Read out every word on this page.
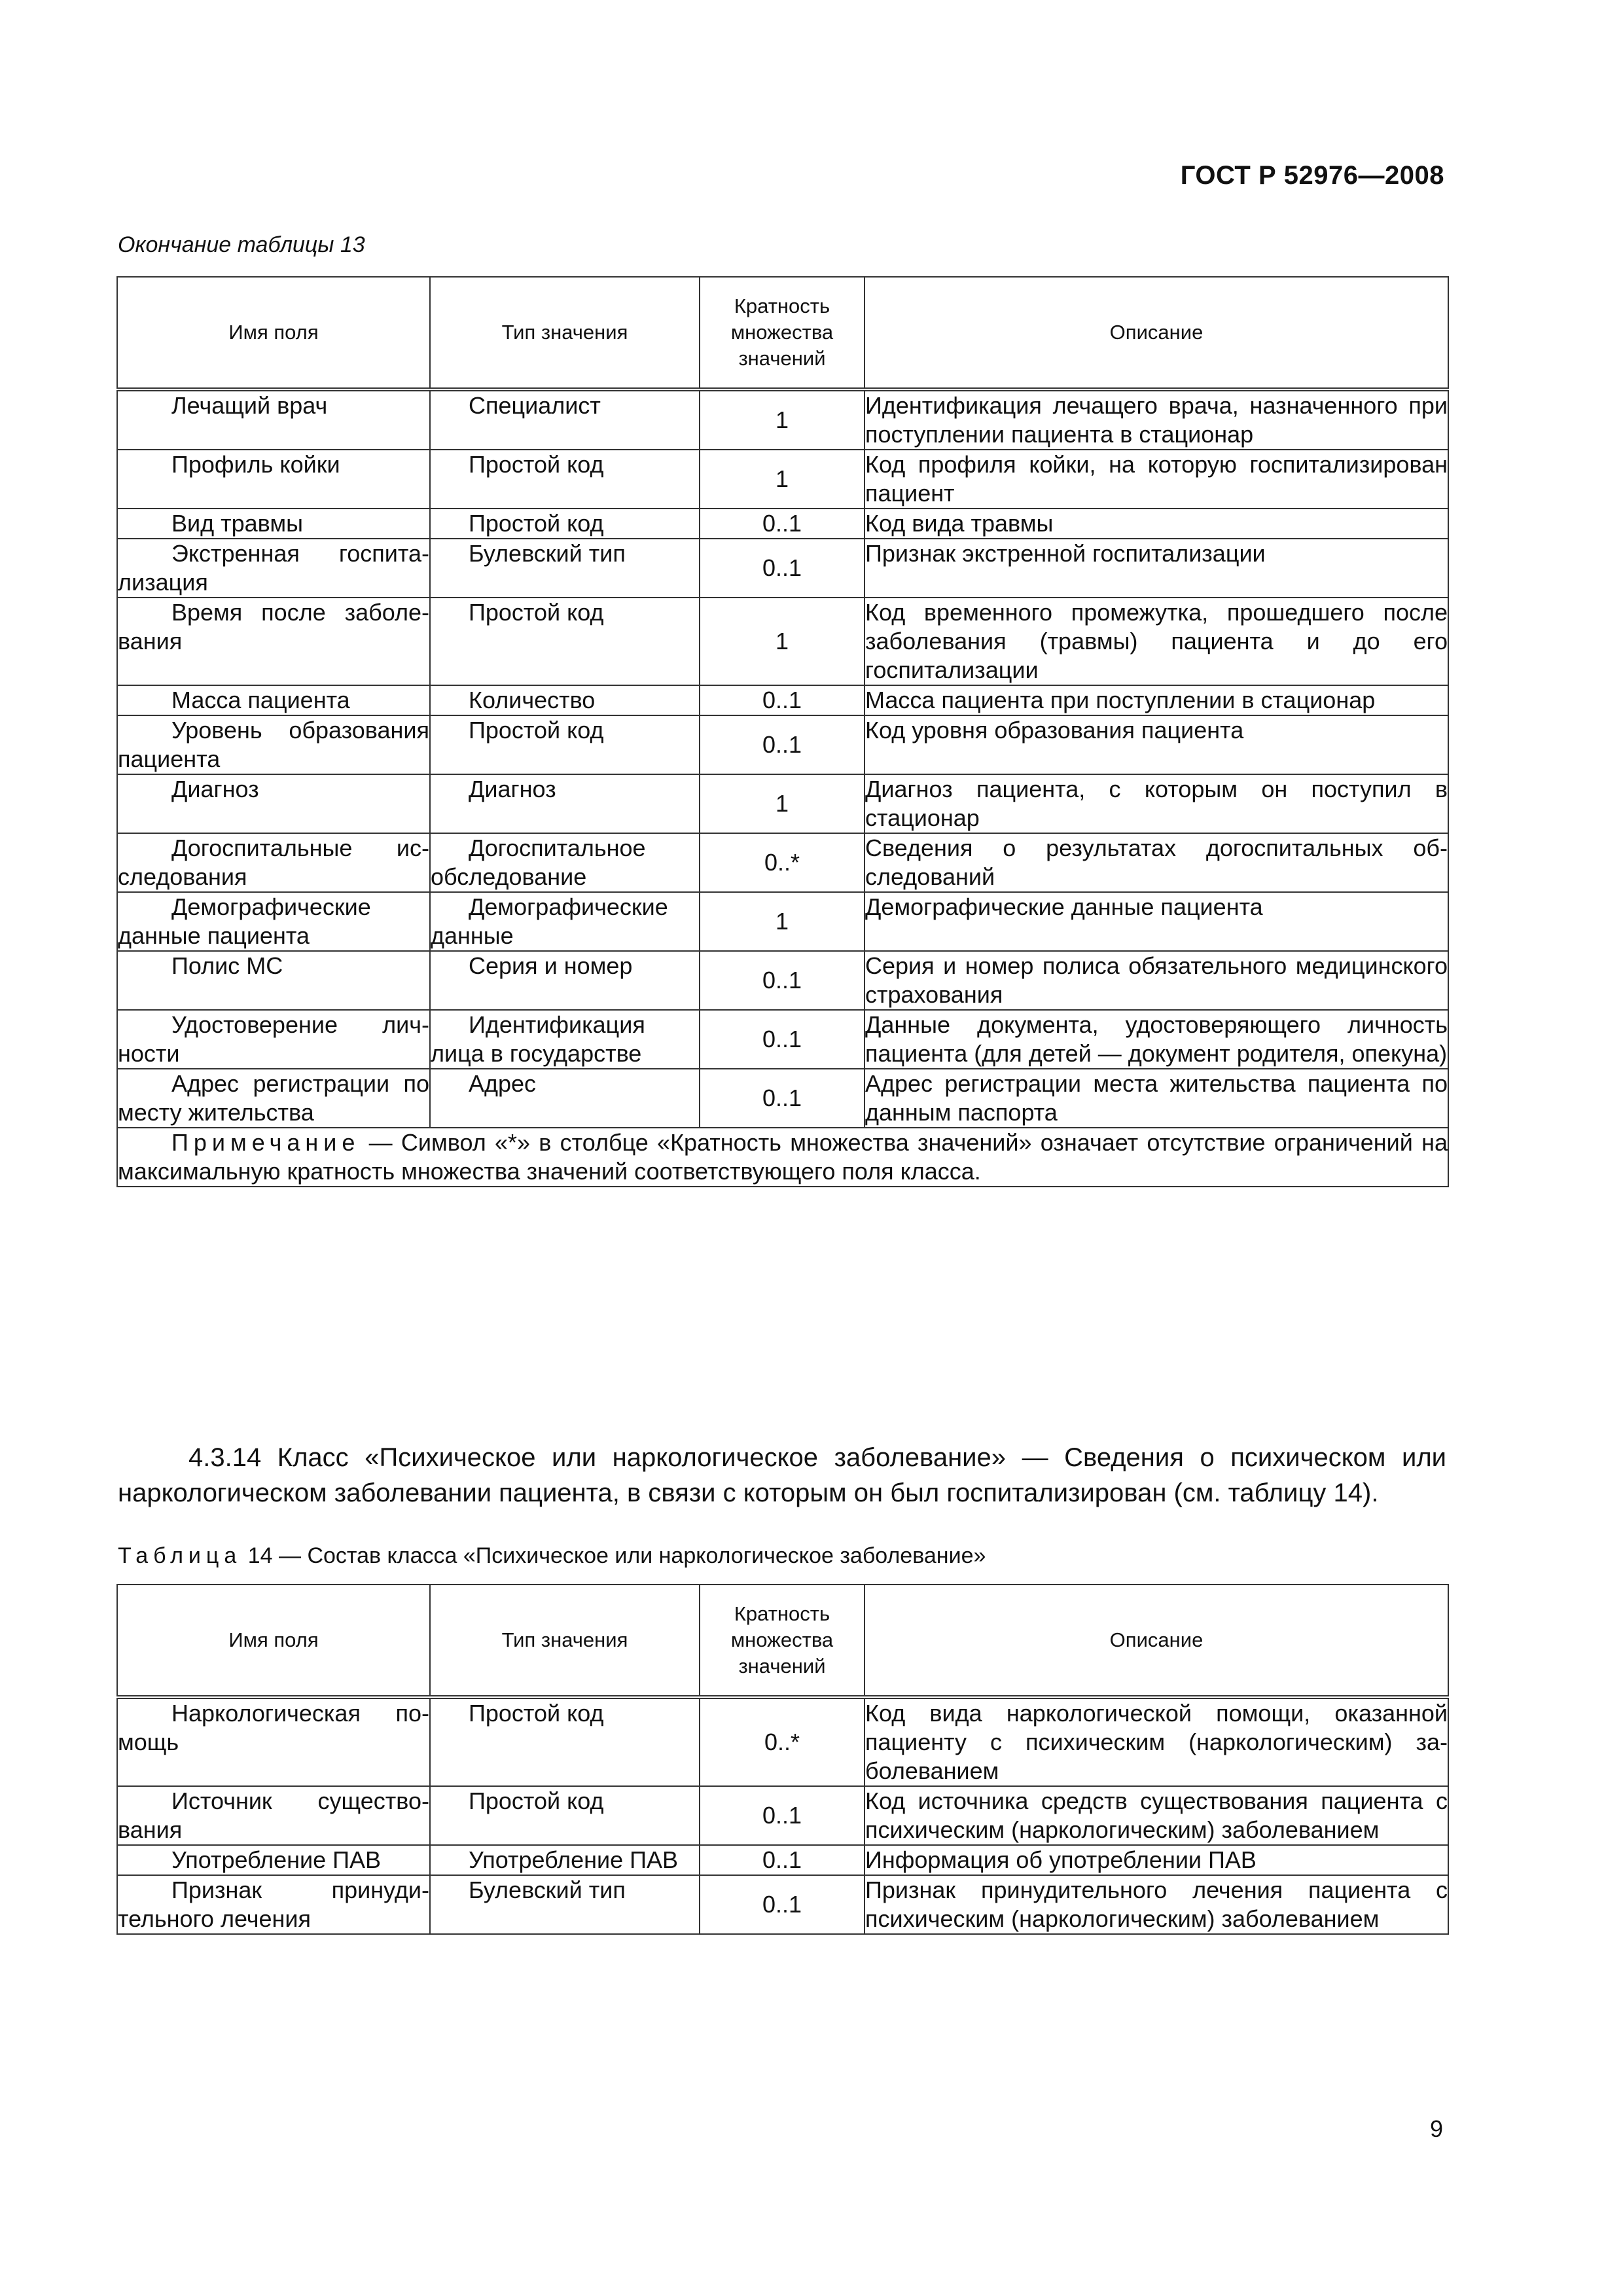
ГОСТ Р 52976—2008
Окончание таблицы 13
Имя поля	Тип значения	Кратность множества значений	Описание
Лечащий врач	Специалист	1	Идентификация лечащего врача, назначенного при поступлении пациента в стационар
Профиль койки	Простой код	1	Код профиля койки, на которую госпитализирован пациент
Вид травмы	Простой код	0..1	Код вида травмы
Экстренная госпитализация	Булевский тип	0..1	Признак экстренной госпитализации
Время после заболевания	Простой код	1	Код временного промежутка, прошедшего после заболевания (травмы) пациента и до его госпитализации
Масса пациента	Количество	0..1	Масса пациента при поступлении в стационар
Уровень образования пациента	Простой код	0..1	Код уровня образования пациента
Диагноз	Диагноз	1	Диагноз пациента, с которым он поступил в стационар
Догоспитальные исследования	Догоспитальное обследование	0..*	Сведения о результатах догоспитальных обследований
Демографические данные пациента	Демографические данные	1	Демографические данные пациента
Полис МС	Серия и номер	0..1	Серия и номер полиса обязательного медицинского страхования
Удостоверение личности	Идентификация лица в государстве	0..1	Данные документа, удостоверяющего личность пациента (для детей — документ родителя, опекуна)
Адрес регистрации по месту жительства	Адрес	0..1	Адрес регистрации места жительства пациента по данным паспорта
Примечание — Символ «*» в столбце «Кратность множества значений» означает отсутствие ограничений на максимальную кратность множества значений соответствующего поля класса.			
4.3.14 Класс «Психическое или наркологическое заболевание» — Сведения о психическом или наркологическом заболевании пациента, в связи с которым он был госпитализирован (см. таблицу 14).
Таблица 14 — Состав класса «Психическое или наркологическое заболевание»
Имя поля	Тип значения	Кратность множества значений	Описание
Наркологическая помощь	Простой код	0..*	Код вида наркологической помощи, оказанной пациенту с психическим (наркологическим) заболеванием
Источник существования	Простой код	0..1	Код источника средств существования пациента с психическим (наркологическим) заболеванием
Употребление ПАВ	Употребление ПАВ	0..1	Информация об употреблении ПАВ
Признак принудительного лечения	Булевский тип	0..1	Признак принудительного лечения пациента с психическим (наркологическим) заболеванием
9
